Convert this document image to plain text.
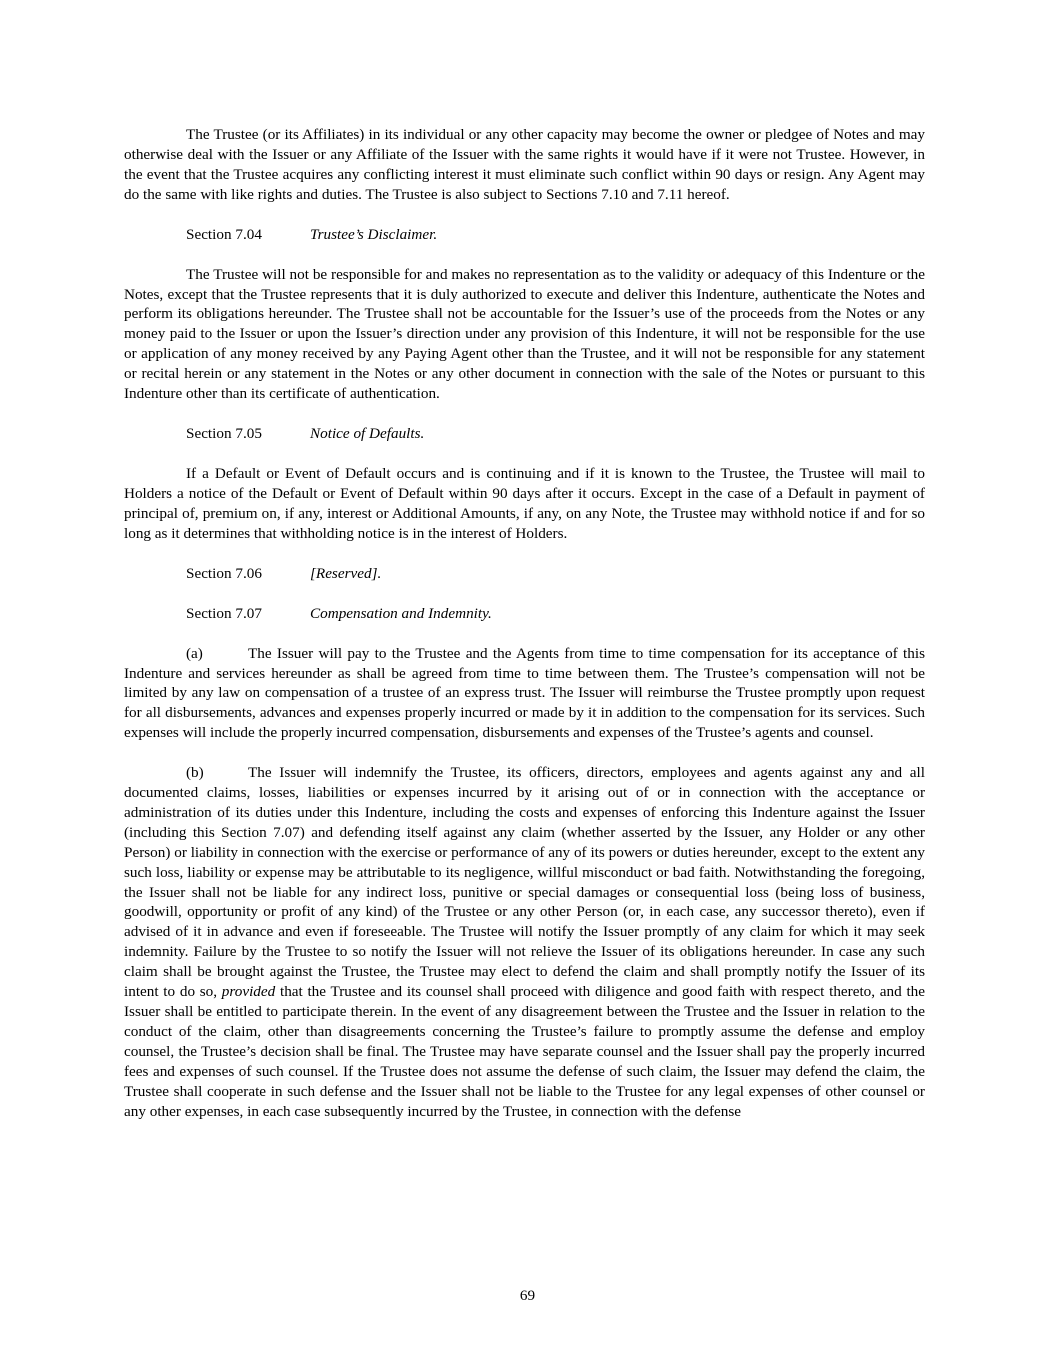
The Trustee (or its Affiliates) in its individual or any other capacity may become the owner or pledgee of Notes and may otherwise deal with the Issuer or any Affiliate of the Issuer with the same rights it would have if it were not Trustee. However, in the event that the Trustee acquires any conflicting interest it must eliminate such conflict within 90 days or resign. Any Agent may do the same with like rights and duties. The Trustee is also subject to Sections 7.10 and 7.11 hereof.

Section 7.04	Trustee’s Disclaimer.

The Trustee will not be responsible for and makes no representation as to the validity or adequacy of this Indenture or the Notes, except that the Trustee represents that it is duly authorized to execute and deliver this Indenture, authenticate the Notes and perform its obligations hereunder. The Trustee shall not be accountable for the Issuer’s use of the proceeds from the Notes or any money paid to the Issuer or upon the Issuer’s direction under any provision of this Indenture, it will not be responsible for the use or application of any money received by any Paying Agent other than the Trustee, and it will not be responsible for any statement or recital herein or any statement in the Notes or any other document in connection with the sale of the Notes or pursuant to this Indenture other than its certificate of authentication.

Section 7.05	Notice of Defaults.

If a Default or Event of Default occurs and is continuing and if it is known to the Trustee, the Trustee will mail to Holders a notice of the Default or Event of Default within 90 days after it occurs. Except in the case of a Default in payment of principal of, premium on, if any, interest or Additional Amounts, if any, on any Note, the Trustee may withhold notice if and for so long as it determines that withholding notice is in the interest of Holders.

Section 7.06	[Reserved].
Section 7.07	Compensation and Indemnity.

(a)	The Issuer will pay to the Trustee and the Agents from time to time compensation for its acceptance of this Indenture and services hereunder as shall be agreed from time to time between them. The Trustee’s compensation will not be limited by any law on compensation of a trustee of an express trust. The Issuer will reimburse the Trustee promptly upon request for all disbursements, advances and expenses properly incurred or made by it in addition to the compensation for its services. Such expenses will include the properly incurred compensation, disbursements and expenses of the Trustee’s agents and counsel.

(b)	The Issuer will indemnify the Trustee, its officers, directors, employees and agents against any and all documented claims, losses, liabilities or expenses incurred by it arising out of or in connection with the acceptance or administration of its duties under this Indenture, including the costs and expenses of enforcing this Indenture against the Issuer (including this Section 7.07) and defending itself against any claim (whether asserted by the Issuer, any Holder or any other Person) or liability in connection with the exercise or performance of any of its powers or duties hereunder, except to the extent any such loss, liability or expense may be attributable to its negligence, willful misconduct or bad faith. Notwithstanding the foregoing, the Issuer shall not be liable for any indirect loss, punitive or special damages or consequential loss (being loss of business, goodwill, opportunity or profit of any kind) of the Trustee or any other Person (or, in each case, any successor thereto), even if advised of it in advance and even if foreseeable. The Trustee will notify the Issuer promptly of any claim for which it may seek indemnity. Failure by the Trustee to so notify the Issuer will not relieve the Issuer of its obligations hereunder. In case any such claim shall be brought against the Trustee, the Trustee may elect to defend the claim and shall promptly notify the Issuer of its intent to do so, provided that the Trustee and its counsel shall proceed with diligence and good faith with respect thereto, and the Issuer shall be entitled to participate therein. In the event of any disagreement between the Trustee and the Issuer in relation to the conduct of the claim, other than disagreements concerning the Trustee’s failure to promptly assume the defense and employ counsel, the Trustee’s decision shall be final. The Trustee may have separate counsel and the Issuer shall pay the properly incurred fees and expenses of such counsel. If the Trustee does not assume the defense of such claim, the Issuer may defend the claim, the Trustee shall cooperate in such defense and the Issuer shall not be liable to the Trustee for any legal expenses of other counsel or any other expenses, in each case subsequently incurred by the Trustee, in connection with the defense

69
